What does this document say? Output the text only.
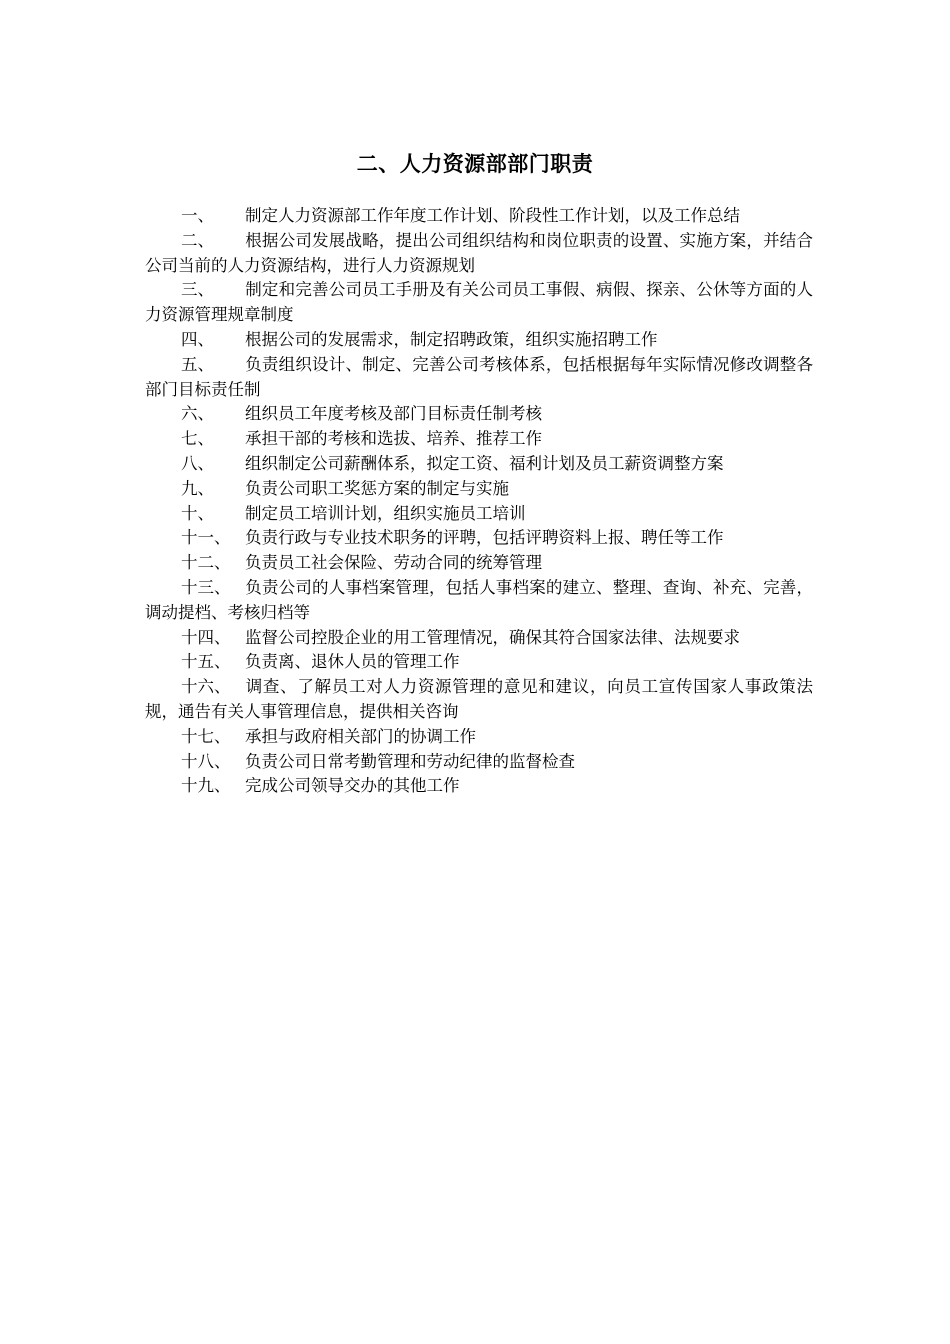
二、人力资源部部门职责
一、 制定人力资源部工作年度工作计划、阶段性工作计划，以及工作总结
二、 根据公司发展战略，提出公司组织结构和岗位职责的设置、实施方案，并结合公司当前的人力资源结构，进行人力资源规划
三、 制定和完善公司员工手册及有关公司员工事假、病假、探亲、公休等方面的人力资源管理规章制度
四、 根据公司的发展需求，制定招聘政策，组织实施招聘工作
五、 负责组织设计、制定、完善公司考核体系，包括根据每年实际情况修改调整各部门目标责任制
六、 组织员工年度考核及部门目标责任制考核
七、 承担干部的考核和选拔、培养、推荐工作
八、 组织制定公司薪酬体系，拟定工资、福利计划及员工薪资调整方案
九、 负责公司职工奖惩方案的制定与实施
十、 制定员工培训计划，组织实施员工培训
十一、 负责行政与专业技术职务的评聘，包括评聘资料上报、聘任等工作
十二、 负责员工社会保险、劳动合同的统筹管理
十三、 负责公司的人事档案管理，包括人事档案的建立、整理、查询、补充、完善，调动提档、考核归档等
十四、 监督公司控股企业的用工管理情况，确保其符合国家法律、法规要求
十五、 负责离、退休人员的管理工作
十六、 调查、了解员工对人力资源管理的意见和建议，向员工宣传国家人事政策法规，通告有关人事管理信息，提供相关咨询
十七、 承担与政府相关部门的协调工作
十八、 负责公司日常考勤管理和劳动纪律的监督检查
十九、 完成公司领导交办的其他工作
